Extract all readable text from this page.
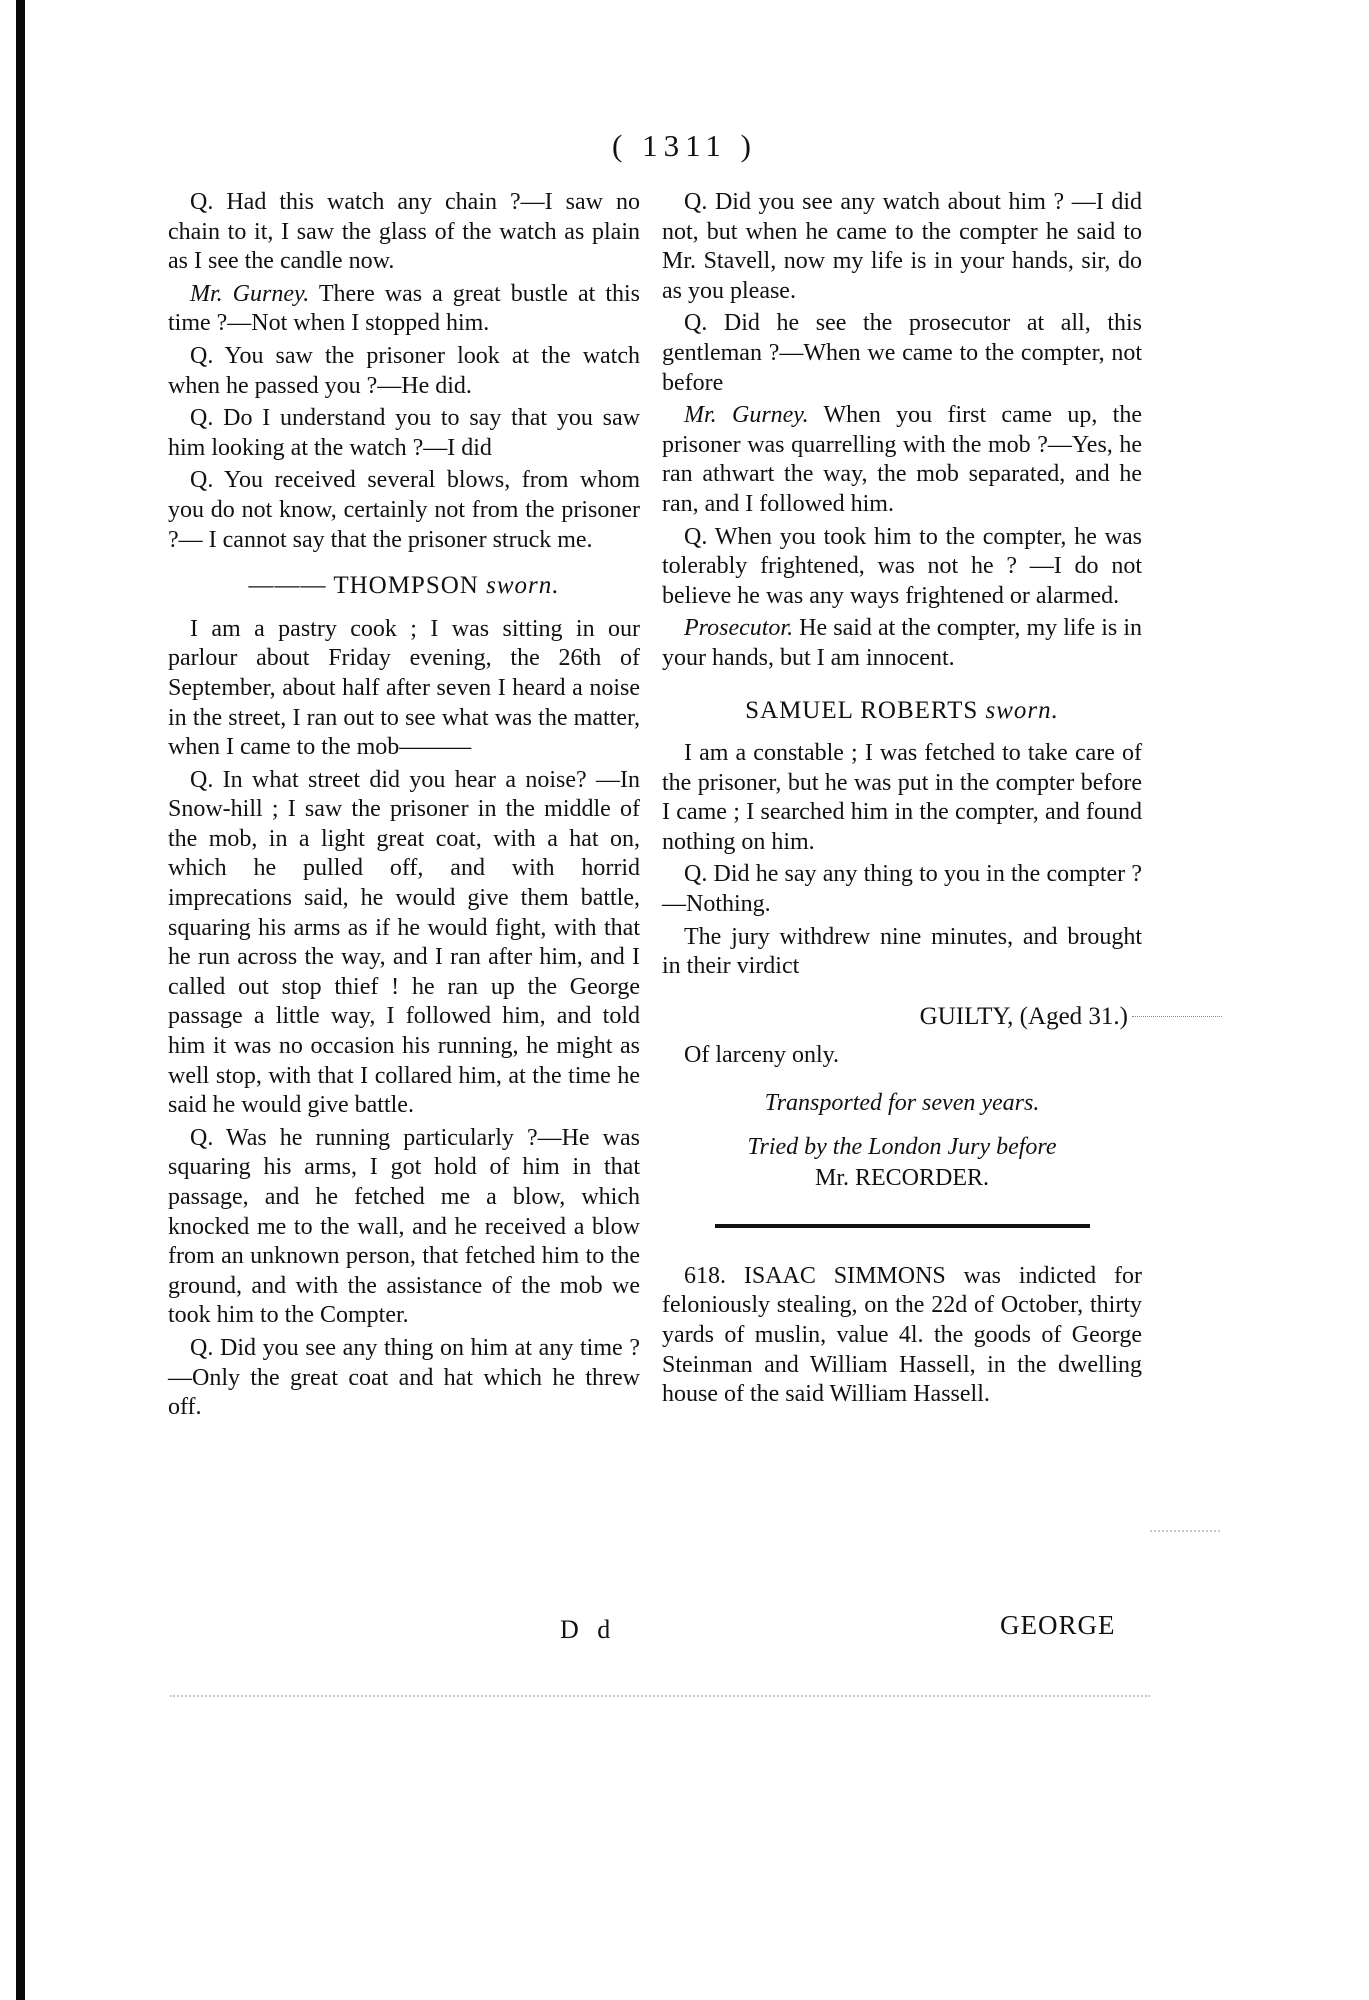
( 1311 )

Q. Had this watch any chain ?—I saw no chain to it, I saw the glass of the watch as plain as I see the candle now.

Mr. Gurney. There was a great bustle at this time ?—Not when I stopped him.

Q. You saw the prisoner look at the watch when he passed you ?—He did.

Q. Do I understand you to say that you saw him looking at the watch ?—I did

Q. You received several blows, from whom you do not know, certainly not from the prisoner ?— I cannot say that the prisoner struck me.

——— THOMPSON sworn.

I am a pastry cook ; I was sitting in our parlour about Friday evening, the 26th of September, about half after seven I heard a noise in the street, I ran out to see what was the matter, when I came to the mob———

Q. In what street did you hear a noise? —In Snow-hill ; I saw the prisoner in the middle of the mob, in a light great coat, with a hat on, which he pulled off, and with horrid imprecations said, he would give them battle, squaring his arms as if he would fight, with that he run across the way, and I ran after him, and I called out stop thief ! he ran up the George passage a little way, I followed him, and told him it was no occasion his running, he might as well stop, with that I collared him, at the time he said he would give battle.

Q. Was he running particularly ?—He was squaring his arms, I got hold of him in that passage, and he fetched me a blow, which knocked me to the wall, and he received a blow from an unknown person, that fetched him to the ground, and with the assistance of the mob we took him to the Compter.

Q. Did you see any thing on him at any time ?—Only the great coat and hat which he threw off.

Q. Did you see any watch about him ? —I did not, but when he came to the compter he said to Mr. Stavell, now my life is in your hands, sir, do as you please.

Q. Did he see the prosecutor at all, this gentleman ?—When we came to the compter, not before

Mr. Gurney. When you first came up, the prisoner was quarrelling with the mob ?—Yes, he ran athwart the way, the mob separated, and he ran, and I followed him.

Q. When you took him to the compter, he was tolerably frightened, was not he ? —I do not believe he was any ways frightened or alarmed.

Prosecutor. He said at the compter, my life is in your hands, but I am innocent.

SAMUEL ROBERTS sworn.

I am a constable ; I was fetched to take care of the prisoner, but he was put in the compter before I came ; I searched him in the compter, and found nothing on him.

Q. Did he say any thing to you in the compter ?—Nothing.

The jury withdrew nine minutes, and brought in their virdict

GUILTY, (Aged 31.)

Of larceny only.

Transported for seven years.

Tried by the London Jury before

Mr. RECORDER.

618. ISAAC SIMMONS was indicted for feloniously stealing, on the 22d of October, thirty yards of muslin, value 4l. the goods of George Steinman and William Hassell, in the dwelling house of the said William Hassell.

D d	GEORGE
